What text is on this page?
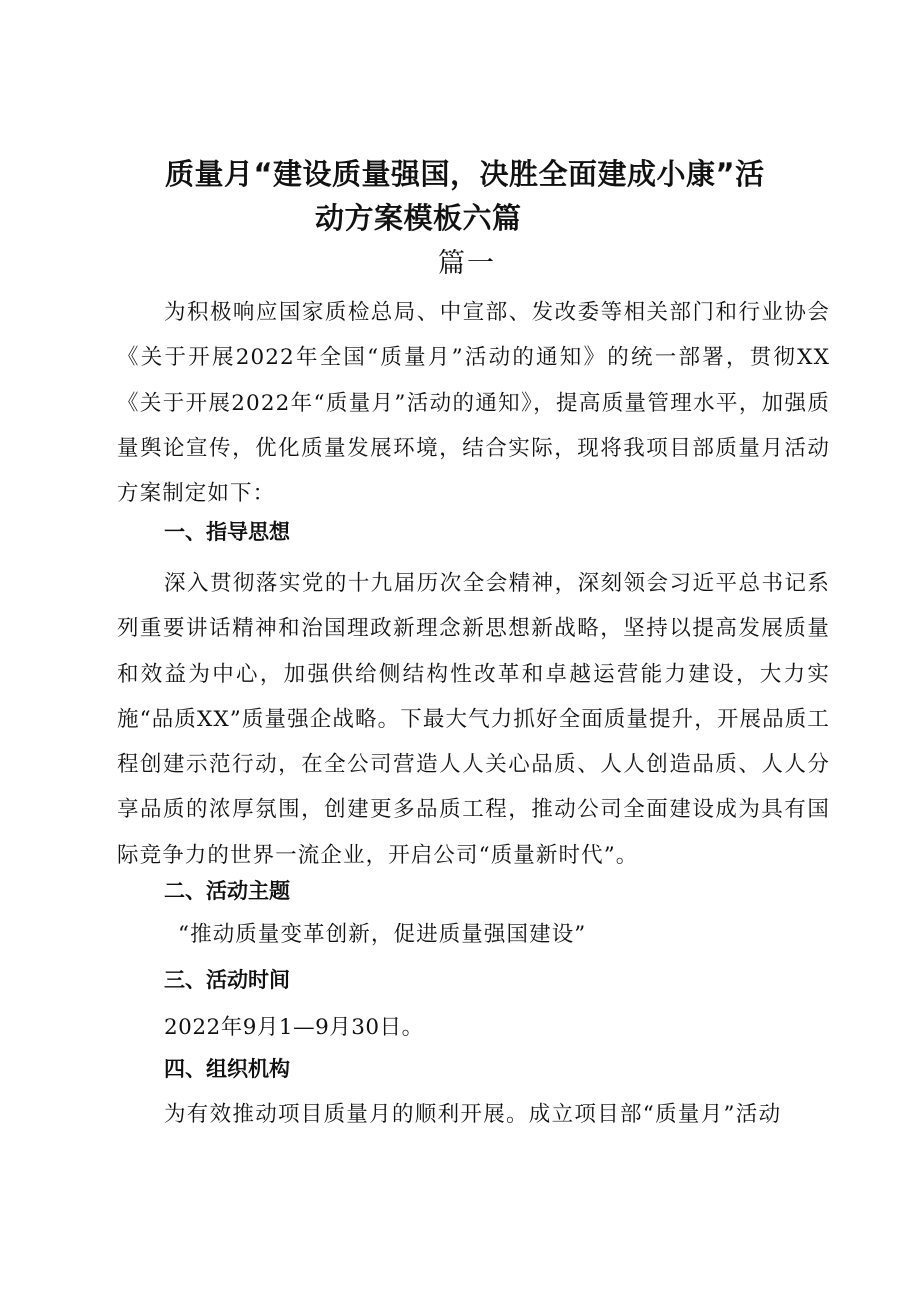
质量月“建设质量强国，决胜全面建成小康”活
动方案模板六篇
篇一
为积极响应国家质检总局、中宣部、发改委等相关部门和行业协会《关于开展2022年全国“质量月”活动的通知》的统一部署，贯彻XX《关于开展2022年“质量月”活动的通知》，提高质量管理水平，加强质量舆论宣传，优化质量发展环境，结合实际，现将我项目部质量月活动方案制定如下：
一、指导思想
深入贯彻落实党的十九届历次全会精神，深刻领会习近平总书记系列重要讲话精神和治国理政新理念新思想新战略，坚持以提高发展质量和效益为中心，加强供给侧结构性改革和卓越运营能力建设，大力实施“品质XX”质量强企战略。下最大气力抓好全面质量提升，开展品质工程创建示范行动，在全公司营造人人关心品质、人人创造品质、人人分享品质的浓厚氛围，创建更多品质工程，推动公司全面建设成为具有国际竞争力的世界一流企业，开启公司“质量新时代”。
二、活动主题
“推动质量变革创新，促进质量强国建设”
三、活动时间
2022年9月1—9月30日。
四、组织机构
为有效推动项目质量月的顺利开展。成立项目部“质量月”活动
